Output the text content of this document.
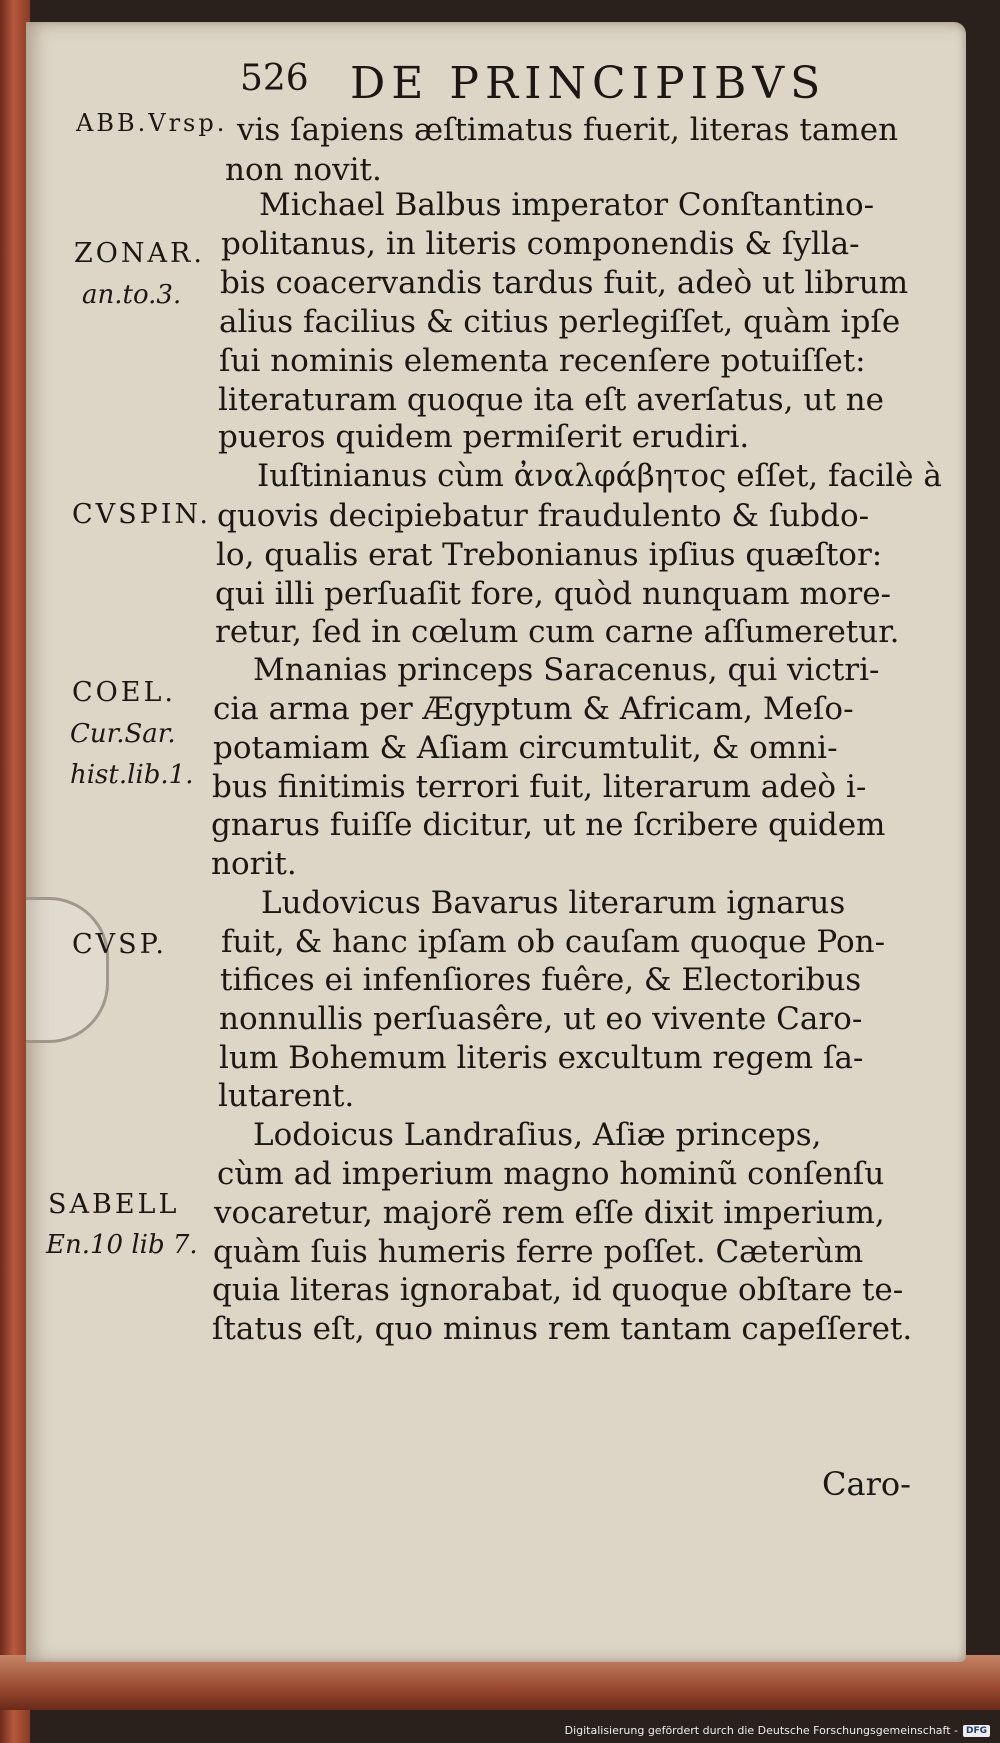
526 DE PRINCIPIBVS
ABB.Vrsp.
ZONAR.
an.to.3.
CVSPIN.
COEL.
Cur.Sar.
hist.lib.1.
CVSP.
SABELL
En.10 lib 7.
vis ſapiens æſtimatus fuerit, literas tamen
non novit.
Michael Balbus imperator Conſtantino-
politanus, in literis componendis & ſylla-
bis coacervandis tardus fuit, adeò ut librum
alius facilius & citius perlegiſſet, quàm ipſe
ſui nominis elementa recenſere potuiſſet:
literaturam quoque ita eſt averſatus, ut ne
pueros quidem permiſerit erudiri.
Iuſtinianus cùm ἀναλφάβητος eſſet, facilè à
quovis decipiebatur fraudulento & ſubdo-
lo, qualis erat Trebonianus ipſius quæſtor:
qui illi perſuaſit fore, quòd nunquam more-
retur, ſed in cœlum cum carne aſſumeretur.
Mnanias princeps Saracenus, qui victri-
cia arma per Ægyptum & Africam, Meſo-
potamiam & Aſiam circumtulit, & omni-
bus finitimis terrori fuit, literarum adeò i-
gnarus fuiſſe dicitur, ut ne ſcribere quidem
norit.
Ludovicus Bavarus literarum ignarus
fuit, & hanc ipſam ob cauſam quoque Pon-
tifices ei infenſiores fuêre, & Electoribus
nonnullis perſuasêre, ut eo vivente Caro-
lum Bohemum literis excultum regem ſa-
lutarent.
Lodoicus Landraſius, Aſiæ princeps,
cùm ad imperium magno hominũ conſenſu
vocaretur, majorẽ rem eſſe dixit imperium,
quàm ſuis humeris ferre poſſet. Cæterùm
quia literas ignorabat, id quoque obſtare te-
ſtatus eſt, quo minus rem tantam capeſſeret.
Caro-
Digitalisierung gefördert durch die Deutsche Forschungsgemeinschaft - DFG
